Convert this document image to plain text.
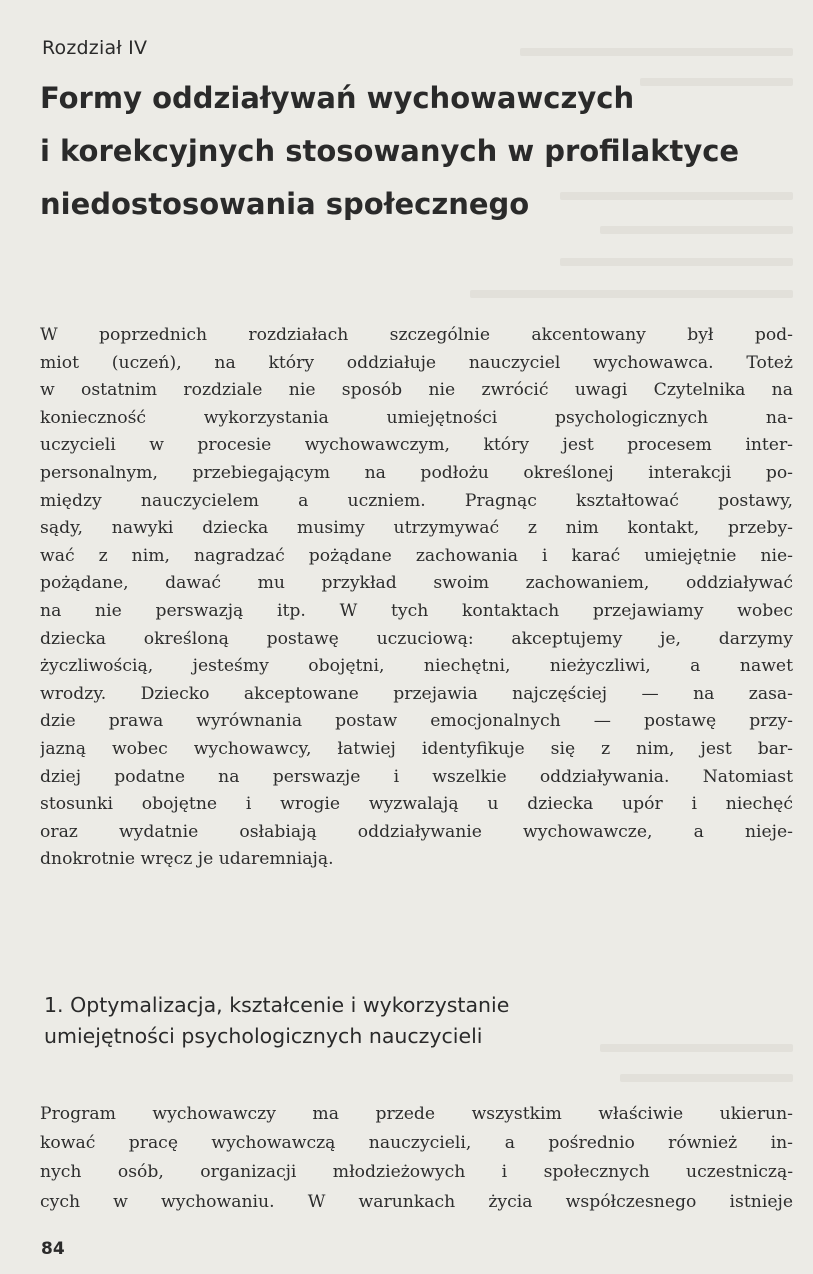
Rozdział IV
Formy oddziaływań wychowawczych
i korekcyjnych stosowanych w profilaktyce
niedostosowania społecznego
W poprzednich rozdziałach szczególnie akcentowany był pod-
miot (uczeń), na który oddziałuje nauczyciel wychowawca. Toteż
w ostatnim rozdziale nie sposób nie zwrócić uwagi Czytelnika na
konieczność wykorzystania umiejętności psychologicznych na-
uczycieli w procesie wychowawczym, który jest procesem inter-
personalnym, przebiegającym na podłożu określonej interakcji po-
między nauczycielem a uczniem. Pragnąc kształtować postawy,
sądy, nawyki dziecka musimy utrzymywać z nim kontakt, przeby-
wać z nim, nagradzać pożądane zachowania i karać umiejętnie nie-
pożądane, dawać mu przykład swoim zachowaniem, oddziaływać
na nie perswazją itp. W tych kontaktach przejawiamy wobec
dziecka określoną postawę uczuciową: akceptujemy je, darzymy
życzliwością, jesteśmy obojętni, niechętni, nieżyczliwi, a nawet
wrodzy. Dziecko akceptowane przejawia najczęściej — na zasa-
dzie prawa wyrównania postaw emocjonalnych — postawę przy-
jazną wobec wychowawcy, łatwiej identyfikuje się z nim, jest bar-
dziej podatne na perswazje i wszelkie oddziaływania. Natomiast
stosunki obojętne i wrogie wyzwalają u dziecka upór i niechęć
oraz wydatnie osłabiają oddziaływanie wychowawcze, a nieje-
dnokrotnie wręcz je udaremniają.
1. Optymalizacja, kształcenie i wykorzystanie
umiejętności psychologicznych nauczycieli
Program wychowawczy ma przede wszystkim właściwie ukierun-
kować pracę wychowawczą nauczycieli, a pośrednio również in-
nych osób, organizacji młodzieżowych i społecznych uczestniczą-
cych w wychowaniu. W warunkach życia współczesnego istnieje
84
